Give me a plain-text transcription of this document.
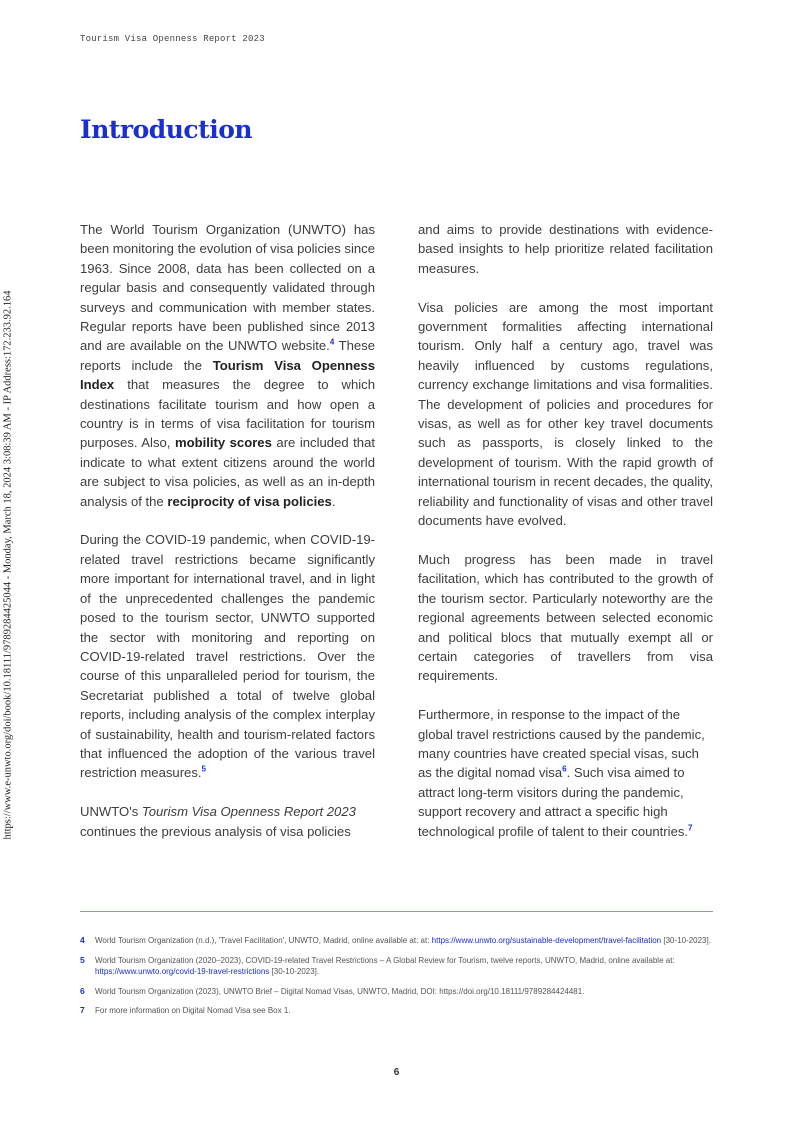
Tourism Visa Openness Report 2023
https://www.e-unwto.org/doi/book/10.18111/9789284425044 - Monday, March 18, 2024 3:08:39 AM - IP Address:172.233.92.164
Introduction

The World Tourism Organization (UNWTO) has been monitoring the evolution of visa policies since 1963. Since 2008, data has been collected on a regular basis and consequently validated through surveys and communication with member states. Regular reports have been published since 2013 and are available on the UNWTO website.$^4$ These reports include the Tourism Visa Openness Index that measures the degree to which destinations facilitate tourism and how open a country is in terms of visa facilitation for tourism purposes. Also, mobility scores are included that indicate to what extent citizens around the world are subject to visa policies, as well as an in-depth analysis of the reciprocity of visa policies.

During the COVID-19 pandemic, when COVID-19-related travel restrictions became significantly more important for international travel, and in light of the unprecedented challenges the pandemic posed to the tourism sector, UNWTO supported the sector with monitoring and reporting on COVID-19-related travel restrictions. Over the course of this unparalleled period for tourism, the Secretariat published a total of twelve global reports, including analysis of the complex interplay of sustainability, health and tourism-related factors that influenced the adoption of the various travel restriction measures.$^5$

UNWTO's Tourism Visa Openness Report 2023 continues the previous analysis of visa policies

and aims to provide destinations with evidence-based insights to help prioritize related facilitation measures.

Visa policies are among the most important government formalities affecting international tourism. Only half a century ago, travel was heavily influenced by customs regulations, currency exchange limitations and visa formalities. The development of policies and procedures for visas, as well as for other key travel documents such as passports, is closely linked to the development of tourism. With the rapid growth of international tourism in recent decades, the quality, reliability and functionality of visas and other travel documents have evolved.

Much progress has been made in travel facilitation, which has contributed to the growth of the tourism sector. Particularly noteworthy are the regional agreements between selected economic and political blocs that mutually exempt all or certain categories of travellers from visa requirements.

Furthermore, in response to the impact of the global travel restrictions caused by the pandemic, many countries have created special visas, such as the digital nomad visa$^6$. Such visa aimed to attract long-term visitors during the pandemic, support recovery and attract a specific high technological profile of talent to their countries.$^7$

4	World Tourism Organization (n.d.), 'Travel Facilitation', UNWTO, Madrid, online available at: at: https://www.unwto.org/sustainable-development/travel-facilitation [30-10-2023].
5	World Tourism Organization (2020–2023), COVID-19-related Travel Restrictions – A Global Review for Tourism, twelve reports, UNWTO, Madrid, online available at: https://www.unwto.org/covid-19-travel-restrictions [30-10-2023].
6	World Tourism Organization (2023), UNWTO Brief – Digital Nomad Visas, UNWTO, Madrid, DOI: https://doi.org/10.18111/9789284424481.
7	For more information on Digital Nomad Visa see Box 1.
6
